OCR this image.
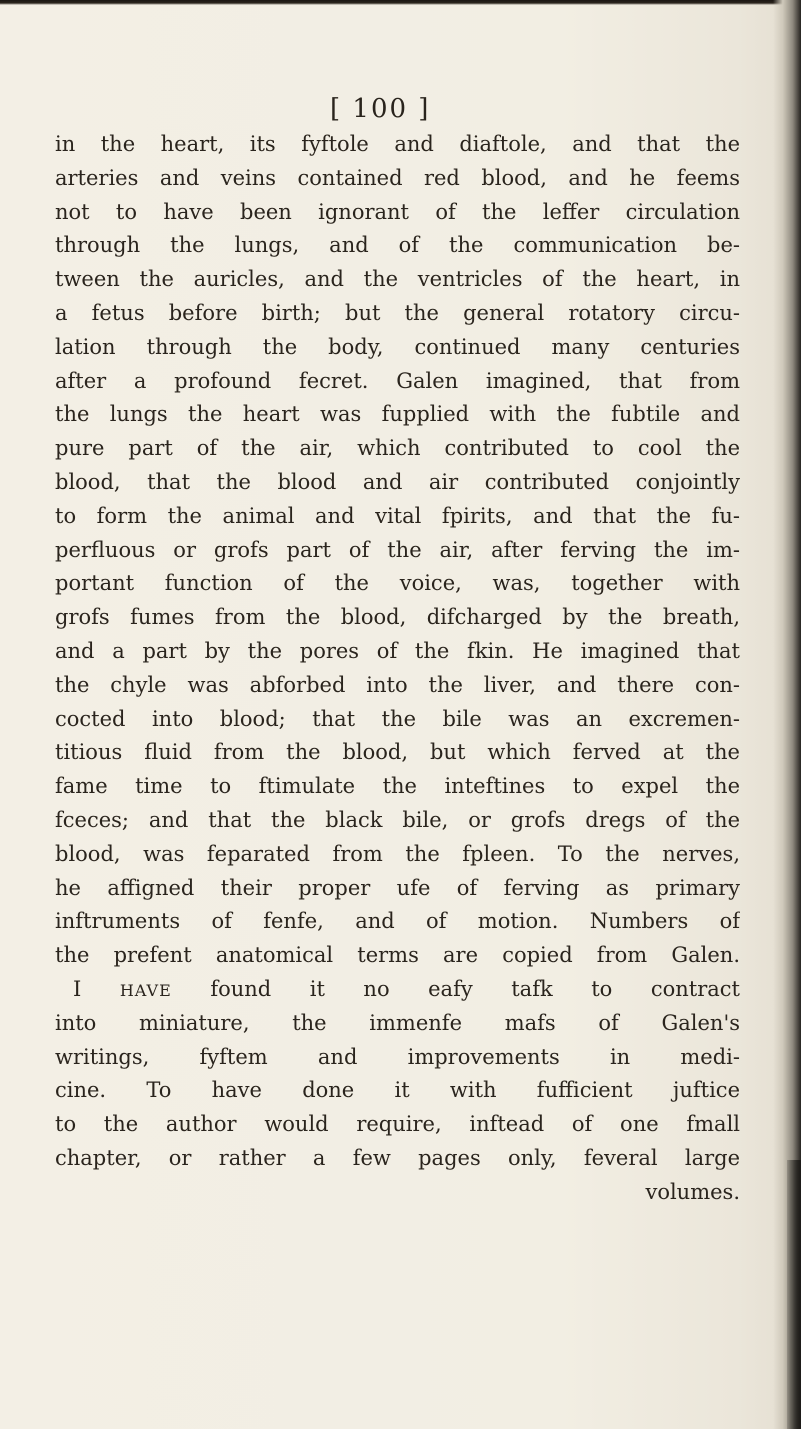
[ 100 ]
in the heart, its fyftole and diaftole, and that the
arteries and veins contained red blood, and he feems
not to have been ignorant of the leffer circulation
through the lungs, and of the communication be-
tween the auricles, and the ventricles of the heart, in
a fetus before birth; but the general rotatory circu-
lation through the body, continued many centuries
after a profound fecret. Galen imagined, that from
the lungs the heart was fupplied with the fubtile and
pure part of the air, which contributed to cool the
blood, that the blood and air contributed conjointly
to form the animal and vital fpirits, and that the fu-
perfluous or grofs part of the air, after ferving the im-
portant function of the voice, was, together with
grofs fumes from the blood, difcharged by the breath,
and a part by the pores of the fkin. He imagined that
the chyle was abforbed into the liver, and there con-
cocted into blood; that the bile was an excremen-
titious fluid from the blood, but which ferved at the
fame time to ftimulate the inteftines to expel the
fceces; and that the black bile, or grofs dregs of the
blood, was feparated from the fpleen. To the nerves,
he affigned their proper ufe of ferving as primary
inftruments of fenfe, and of motion. Numbers of
the prefent anatomical terms are copied from Galen.
I HAVE found it no eafy tafk to contract
into miniature, the immenfe mafs of Galen's
writings, fyftem and improvements in medi-
cine. To have done it with fufficient juftice
to the author would require, inftead of one fmall
chapter, or rather a few pages only, feveral large
volumes.
